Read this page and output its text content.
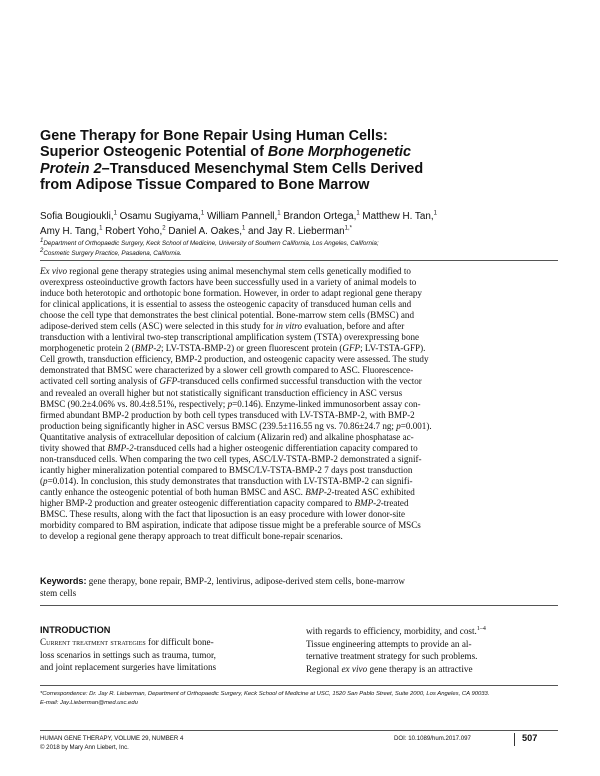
Gene Therapy for Bone Repair Using Human Cells:
Superior Osteogenic Potential of Bone Morphogenetic
Protein 2–Transduced Mesenchymal Stem Cells Derived
from Adipose Tissue Compared to Bone Marrow
Sofia Bougioukli,$^1$ Osamu Sugiyama,$^1$ William Pannell,$^1$ Brandon Ortega,$^1$ Matthew H. Tan,$^1$
Amy H. Tang,$^1$ Robert Yoho,$^2$ Daniel A. Oakes,$^1$ and Jay R. Lieberman$^{1,*}$
$^1$Department of Orthopaedic Surgery, Keck School of Medicine, University of Southern California, Los Angeles, California;
$^2$Cosmetic Surgery Practice, Pasadena, California.
Ex vivo regional gene therapy strategies using animal mesenchymal stem cells genetically modified to
overexpress osteoinductive growth factors have been successfully used in a variety of animal models to
induce both heterotopic and orthotopic bone formation. However, in order to adapt regional gene therapy
for clinical applications, it is essential to assess the osteogenic capacity of transduced human cells and
choose the cell type that demonstrates the best clinical potential. Bone-marrow stem cells (BMSC) and
adipose-derived stem cells (ASC) were selected in this study for in vitro evaluation, before and after
transduction with a lentiviral two-step transcriptional amplification system (TSTA) overexpressing bone
morphogenetic protein 2 (BMP-2; LV-TSTA-BMP-2) or green fluorescent protein (GFP; LV-TSTA-GFP).
Cell growth, transduction efficiency, BMP-2 production, and osteogenic capacity were assessed. The study
demonstrated that BMSC were characterized by a slower cell growth compared to ASC. Fluorescence-
activated cell sorting analysis of GFP-transduced cells confirmed successful transduction with the vector
and revealed an overall higher but not statistically significant transduction efficiency in ASC versus
BMSC (90.2±4.06% vs. 80.4±8.51%, respectively; p=0.146). Enzyme-linked immunosorbent assay con-
firmed abundant BMP-2 production by both cell types transduced with LV-TSTA-BMP-2, with BMP-2
production being significantly higher in ASC versus BMSC (239.5±116.55 ng vs. 70.86±24.7 ng; p=0.001).
Quantitative analysis of extracellular deposition of calcium (Alizarin red) and alkaline phosphatase ac-
tivity showed that BMP-2-transduced cells had a higher osteogenic differentiation capacity compared to
non-transduced cells. When comparing the two cell types, ASC/LV-TSTA-BMP-2 demonstrated a signif-
icantly higher mineralization potential compared to BMSC/LV-TSTA-BMP-2 7 days post transduction
(p=0.014). In conclusion, this study demonstrates that transduction with LV-TSTA-BMP-2 can signifi-
cantly enhance the osteogenic potential of both human BMSC and ASC. BMP-2-treated ASC exhibited
higher BMP-2 production and greater osteogenic differentiation capacity compared to BMP-2-treated
BMSC. These results, along with the fact that liposuction is an easy procedure with lower donor-site
morbidity compared to BM aspiration, indicate that adipose tissue might be a preferable source of MSCs
to develop a regional gene therapy approach to treat difficult bone-repair scenarios.
Keywords: gene therapy, bone repair, BMP-2, lentivirus, adipose-derived stem cells, bone-marrow
stem cells
INTRODUCTION
Current treatment strategies for difficult bone-
loss scenarios in settings such as trauma, tumor,
and joint replacement surgeries have limitations
with regards to efficiency, morbidity, and cost.$^{1-4}$
Tissue engineering attempts to provide an al-
ternative treatment strategy for such problems.
Regional ex vivo gene therapy is an attractive
*Correspondence: Dr. Jay R. Lieberman, Department of Orthopaedic Surgery, Keck School of Medicine at USC, 1520 San Pablo Street, Suite 2000, Los Angeles, CA 90033.
E-mail: Jay.Lieberman@med.usc.edu
HUMAN GENE THERAPY, VOLUME 29, NUMBER 4
© 2018 by Mary Ann Liebert, Inc.
DOI: 10.1089/hum.2017.097	507
